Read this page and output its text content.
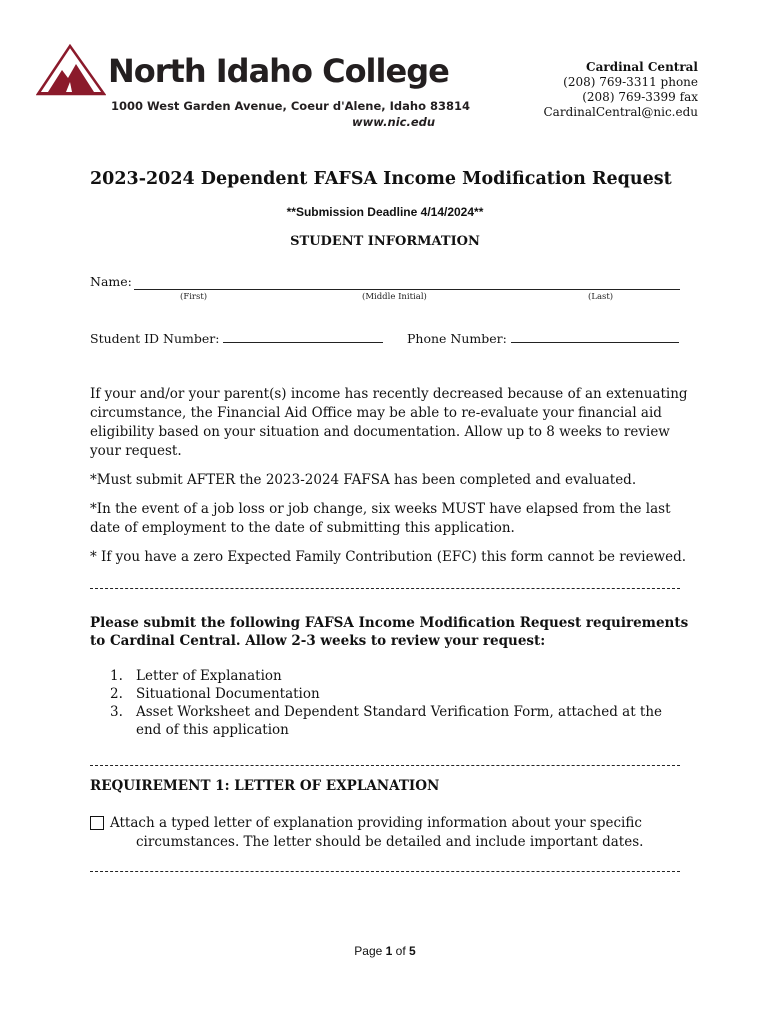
North Idaho College
1000 West Garden Avenue, Coeur d'Alene, Idaho 83814
www.nic.edu
Cardinal Central
(208) 769-3311 phone
(208) 769-3399 fax
CardinalCentral@nic.edu
2023-2024 Dependent FAFSA Income Modification Request
**Submission Deadline 4/14/2024**
STUDENT INFORMATION
Name:
(First)	(Middle Initial)	(Last)
Student ID Number:	Phone Number:
If your and/or your parent(s) income has recently decreased because of an extenuating circumstance, the Financial Aid Office may be able to re-evaluate your financial aid eligibility based on your situation and documentation. Allow up to 8 weeks to review your request.
*Must submit AFTER the 2023-2024 FAFSA has been completed and evaluated.
*In the event of a job loss or job change, six weeks MUST have elapsed from the last date of employment to the date of submitting this application.
* If you have a zero Expected Family Contribution (EFC) this form cannot be reviewed.
Please submit the following FAFSA Income Modification Request requirements to Cardinal Central. Allow 2-3 weeks to review your request:
1. Letter of Explanation
2. Situational Documentation
3. Asset Worksheet and Dependent Standard Verification Form, attached at the end of this application
REQUIREMENT 1: LETTER OF EXPLANATION
Attach a typed letter of explanation providing information about your specific
circumstances. The letter should be detailed and include important dates.
Page 1 of 5
